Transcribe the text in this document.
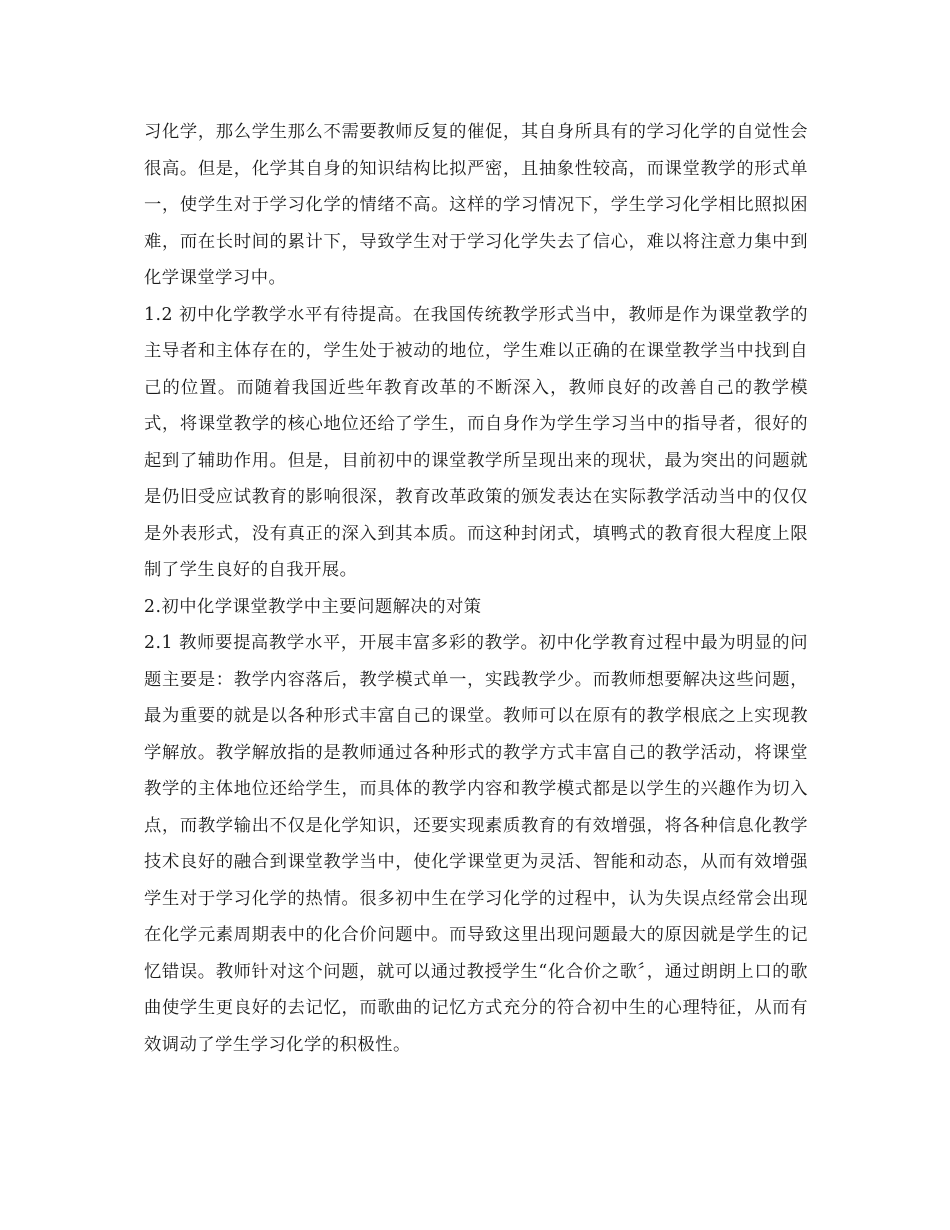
习化学，那么学生那么不需要教师反复的催促，其自身所具有的学习化学的自觉性会很高。但是，化学其自身的知识结构比拟严密，且抽象性较高，而课堂教学的形式单一，使学生对于学习化学的情绪不高。这样的学习情况下，学生学习化学相比照拟困难，而在长时间的累计下，导致学生对于学习化学失去了信心，难以将注意力集中到化学课堂学习中。

1.2 初中化学教学水平有待提高。在我国传统教学形式当中，教师是作为课堂教学的主导者和主体存在的，学生处于被动的地位，学生难以正确的在课堂教学当中找到自己的位置。而随着我国近些年教育改革的不断深入，教师良好的改善自己的教学模式，将课堂教学的核心地位还给了学生，而自身作为学生学习当中的指导者，很好的起到了辅助作用。但是，目前初中的课堂教学所呈现出来的现状，最为突出的问题就是仍旧受应试教育的影响很深，教育改革政策的颁发表达在实际教学活动当中的仅仅是外表形式，没有真正的深入到其本质。而这种封闭式，填鸭式的教育很大程度上限制了学生良好的自我开展。

2.初中化学课堂教学中主要问题解决的对策

2.1 教师要提高教学水平，开展丰富多彩的教学。初中化学教育过程中最为明显的问题主要是：教学内容落后，教学模式单一，实践教学少。而教师想要解决这些问题，最为重要的就是以各种形式丰富自己的课堂。教师可以在原有的教学根底之上实现教学解放。教学解放指的是教师通过各种形式的教学方式丰富自己的教学活动，将课堂教学的主体地位还给学生，而具体的教学内容和教学模式都是以学生的兴趣作为切入点，而教学输出不仅是化学知识，还要实现素质教育的有效增强，将各种信息化教学技术良好的融合到课堂教学当中，使化学课堂更为灵活、智能和动态，从而有效增强学生对于学习化学的热情。很多初中生在学习化学的过程中，认为失误点经常会出现在化学元素周期表中的化合价问题中。而导致这里出现问题最大的原因就是学生的记忆错误。教师针对这个问题，就可以通过教授学生“化合价之歌〞，通过朗朗上口的歌曲使学生更良好的去记忆，而歌曲的记忆方式充分的符合初中生的心理特征，从而有效调动了学生学习化学的积极性。
